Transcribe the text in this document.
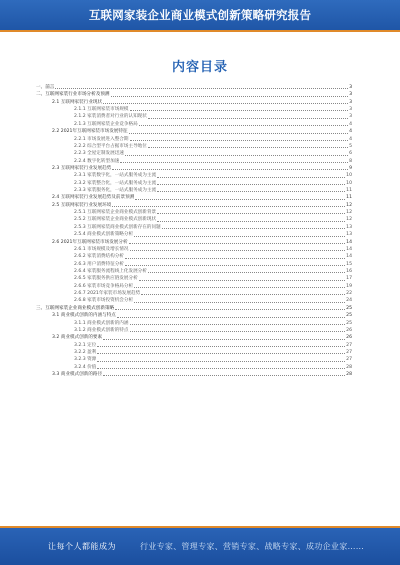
互联网家装企业商业模式创新策略研究报告
内容目录
一、前言	3
二、互联网家装行业市场分析及预测	3
2.1 互联网家装行业现状	3
2.1.1 互联网家装市场规模	3
2.1.2 家装消费者对行业的认知现状	3
2.1.3 互联网家装企业竞争格局	4
2.2 2021年互联网家装市场发展特征	4
2.2.1 市场发展进入整合期	4
2.2.2 综合型平台占据市场主导地位	5
2.2.3 全屋定制发展迅速	6
2.2.4 数字化转型加速	8
2.3 互联网家装行业发展趋势	9
2.3.1 家装数字化，一站式服务成为主流	10
2.3.2 家装整合化，一站式服务成为主流	10
2.3.3 家装服务化，一站式服务成为主流	11
2.4 互联网家装行业发展趋势及前景预测	11
2.5 互联网家装行业发展环境	12
2.5.1 互联网家装企业商业模式创新背景	12
2.5.2 互联网家装企业商业模式创新现状	12
2.5.3 互联网家装商业模式创新存在的问题	13
2.5.4 商业模式创新策略分析	13
2.6 2021年互联网家装市场发展分析	14
2.6.1 市场规模及增长情况	14
2.6.2 家装消费结构分析	14
2.6.3 用户消费特征分析	15
2.6.4 家装服务流程线上化发展分析	16
2.6.5 家装服务供应链发展分析	17
2.6.6 家装市场竞争格局分析	19
2.6.7 2021年家装市场发展趋势	22
2.6.8 家装市场投资机会分析	24
三、互联网家装企业商业模式创新策略	25
3.1 商业模式创新的内涵与特点	25
3.1.1 商业模式创新的内涵	25
3.1.2 商业模式创新的特点	26
3.2 商业模式创新的要素	26
3.2.1 定位	27
3.2.2 盈利	27
3.2.3 资源	27
3.2.4 价值	28
3.3 商业模式创新的路径	28
让每个人都能成为	行业专家、管理专家、营销专家、战略专家、成功企业家……
